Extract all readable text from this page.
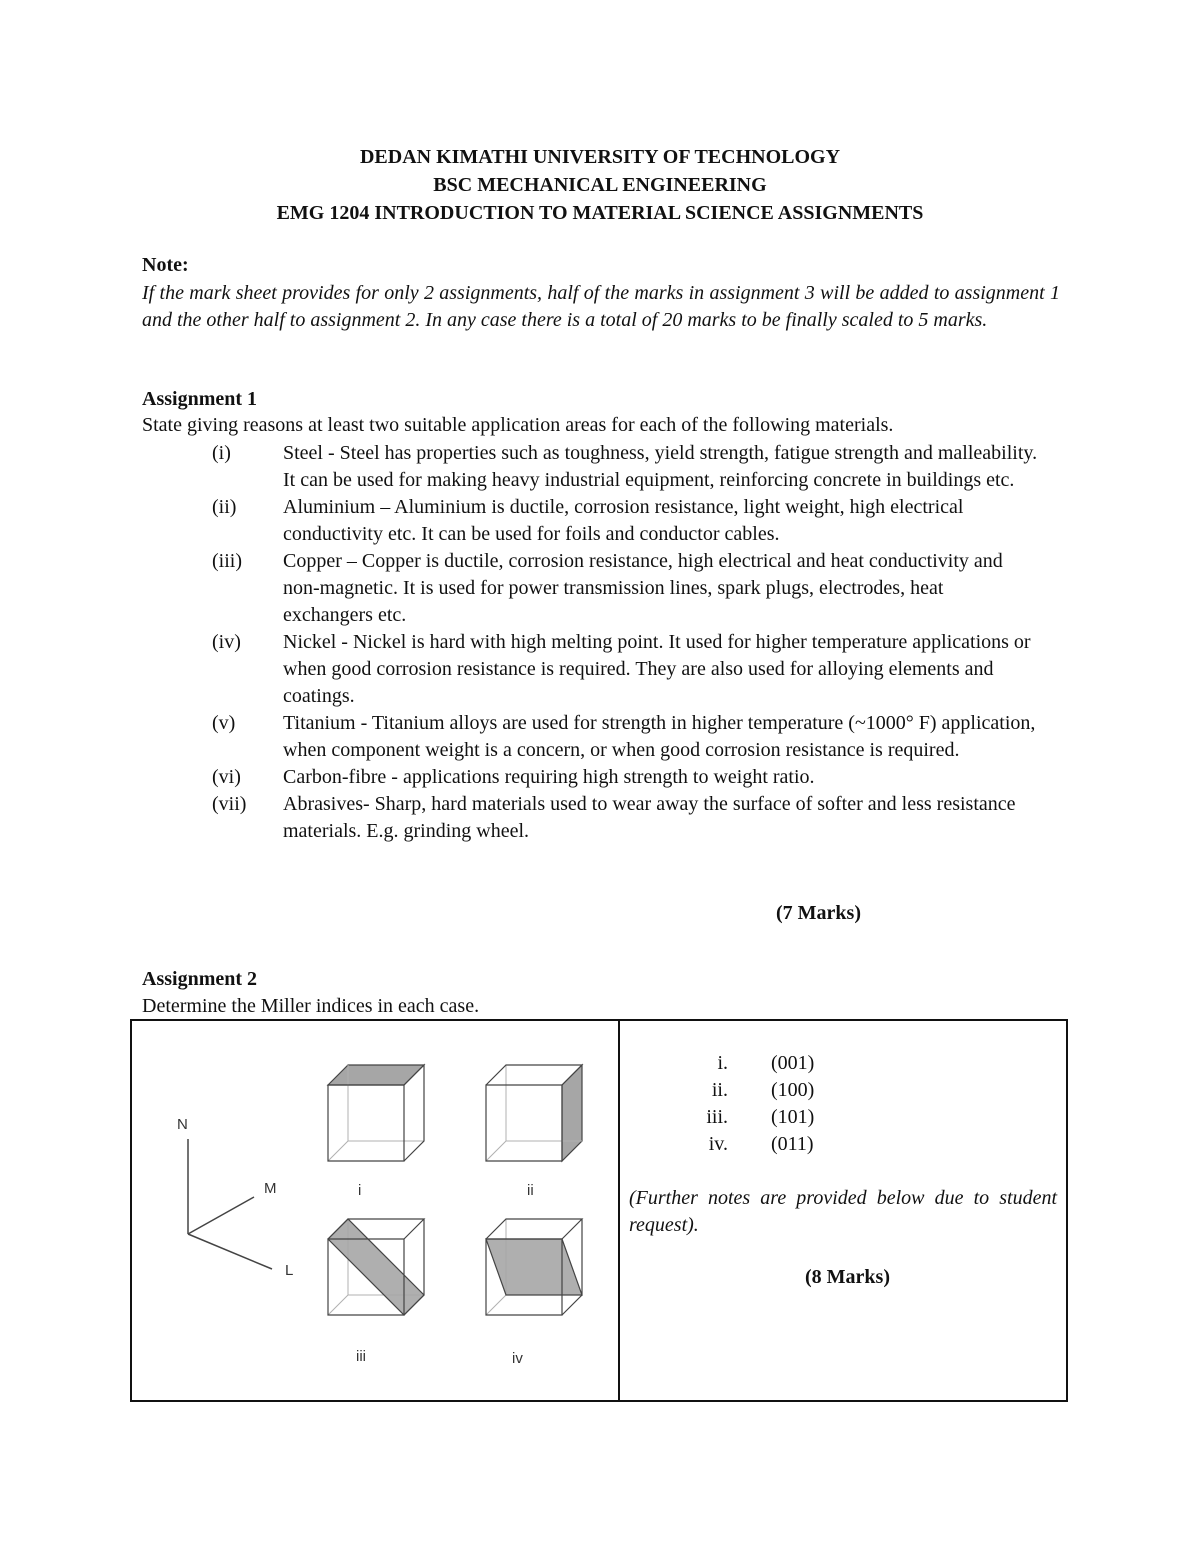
DEDAN KIMATHI UNIVERSITY OF TECHNOLOGY
BSC MECHANICAL ENGINEERING
EMG 1204 INTRODUCTION TO MATERIAL SCIENCE ASSIGNMENTS
Note:
If the mark sheet provides for only 2 assignments, half of the marks in assignment 3 will be added to assignment 1 and the other half to assignment 2. In any case there is a total of 20 marks to be finally scaled to 5 marks.
Assignment 1
State giving reasons at least two suitable application areas for each of the following materials.
(i)	Steel - Steel has properties such as toughness, yield strength, fatigue strength and malleability. It can be used for making heavy industrial equipment, reinforcing concrete in buildings etc.
(ii)	Aluminium – Aluminium is ductile, corrosion resistance, light weight, high electrical conductivity etc. It can be used for foils and conductor cables.
(iii)	Copper – Copper is ductile, corrosion resistance, high electrical and heat conductivity and non-magnetic. It is used for power transmission lines, spark plugs, electrodes, heat exchangers etc.
(iv)	Nickel - Nickel is hard with high melting point. It used for higher temperature applications or when good corrosion resistance is required. They are also used for alloying elements and coatings.
(v)	Titanium - Titanium alloys are used for strength in higher temperature (~1000° F) application, when component weight is a concern, or when good corrosion resistance is required.
(vi)	Carbon-fibre - applications requiring high strength to weight ratio.
(vii)	Abrasives- Sharp, hard materials used to wear away the surface of softer and less resistance materials. E.g. grinding wheel.
(7 Marks)
Assignment 2
Determine the Miller indices in each case.
N
M
L
i	ii
iii	iv
i.	(001)
ii.	(100)
iii.	(101)
iv.	(011)
(Further notes are provided below due to student request).
(8 Marks)
